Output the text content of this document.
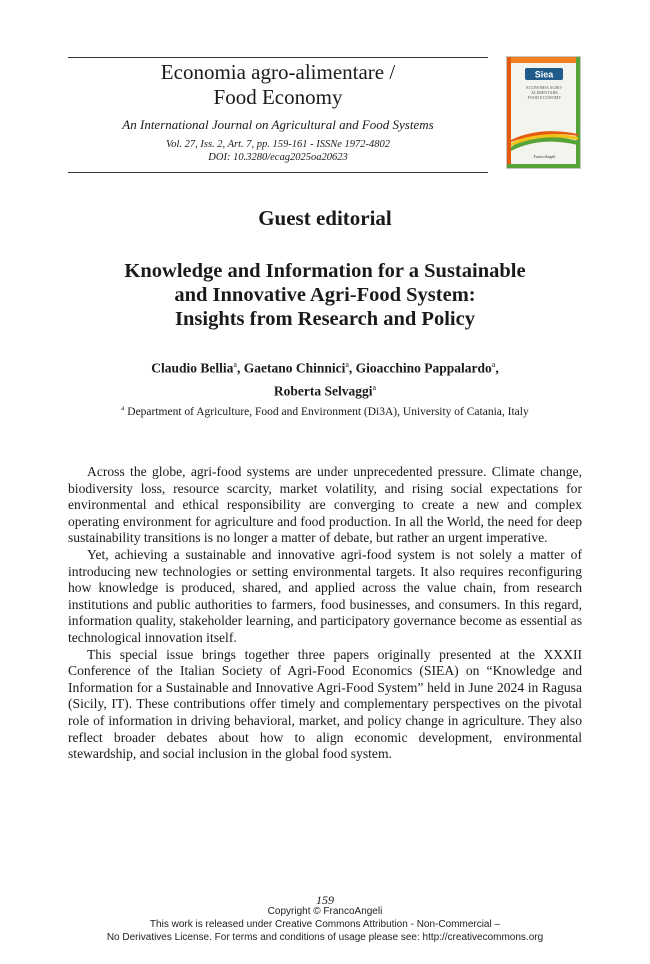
Economia agro-alimentare /
Food Economy
An International Journal on Agricultural and Food Systems
Vol. 27, Iss. 2, Art. 7, pp. 159-161 - ISSNe 1972-4802
DOI: 10.3280/ecag2025oa20623
Siea
ECONOMIA AGRO-ALIMENTARE
FOOD ECONOMY
FrancoAngeli
Guest editorial
Knowledge and Information for a Sustainable
and Innovative Agri-Food System:
Insights from Research and Policy
Claudio Bellia$^a$, Gaetano Chinnici$^a$, Gioacchino Pappalardo$^a$,
Roberta Selvaggi$^a$
$^a$ Department of Agriculture, Food and Environment (Di3A), University of Catania, Italy

Across the globe, agri-food systems are under unprecedented pressure. Climate change, biodiversity loss, resource scarcity, market volatility, and rising social expectations for environmental and ethical responsibility are converging to create a new and complex operating environment for agriculture and food production. In all the World, the need for deep sustainability transitions is no longer a matter of debate, but rather an urgent imperative.

Yet, achieving a sustainable and innovative agri-food system is not solely a matter of introducing new technologies or setting environmental targets. It also requires reconfiguring how knowledge is produced, shared, and applied across the value chain, from research institutions and public authorities to farmers, food businesses, and consumers. In this regard, information quality, stakeholder learning, and participatory governance become as essential as technological innovation itself.

This special issue brings together three papers originally presented at the XXXII Conference of the Italian Society of Agri-Food Economics (SIEA) on “Knowledge and Information for a Sustainable and Innovative Agri-Food System” held in June 2024 in Ragusa (Sicily, IT). These contributions offer timely and complementary perspectives on the pivotal role of information in driving behavioral, market, and policy change in agriculture. They also reflect broader debates about how to align economic development, environmental stewardship, and social inclusion in the global food system.

159
Copyright © FrancoAngeli
This work is released under Creative Commons Attribution - Non-Commercial –
No Derivatives License. For terms and conditions of usage please see: http://creativecommons.org
